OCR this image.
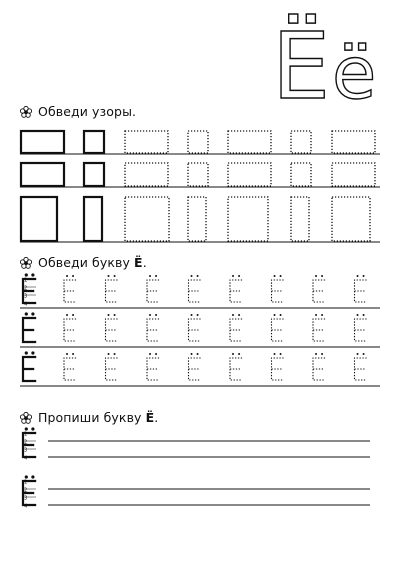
Ё ё
Обведи узоры.
Обведи букву Ё.
Пропиши букву Ё.
1
2
3
4
1
2
3
4
1
2
3
4
